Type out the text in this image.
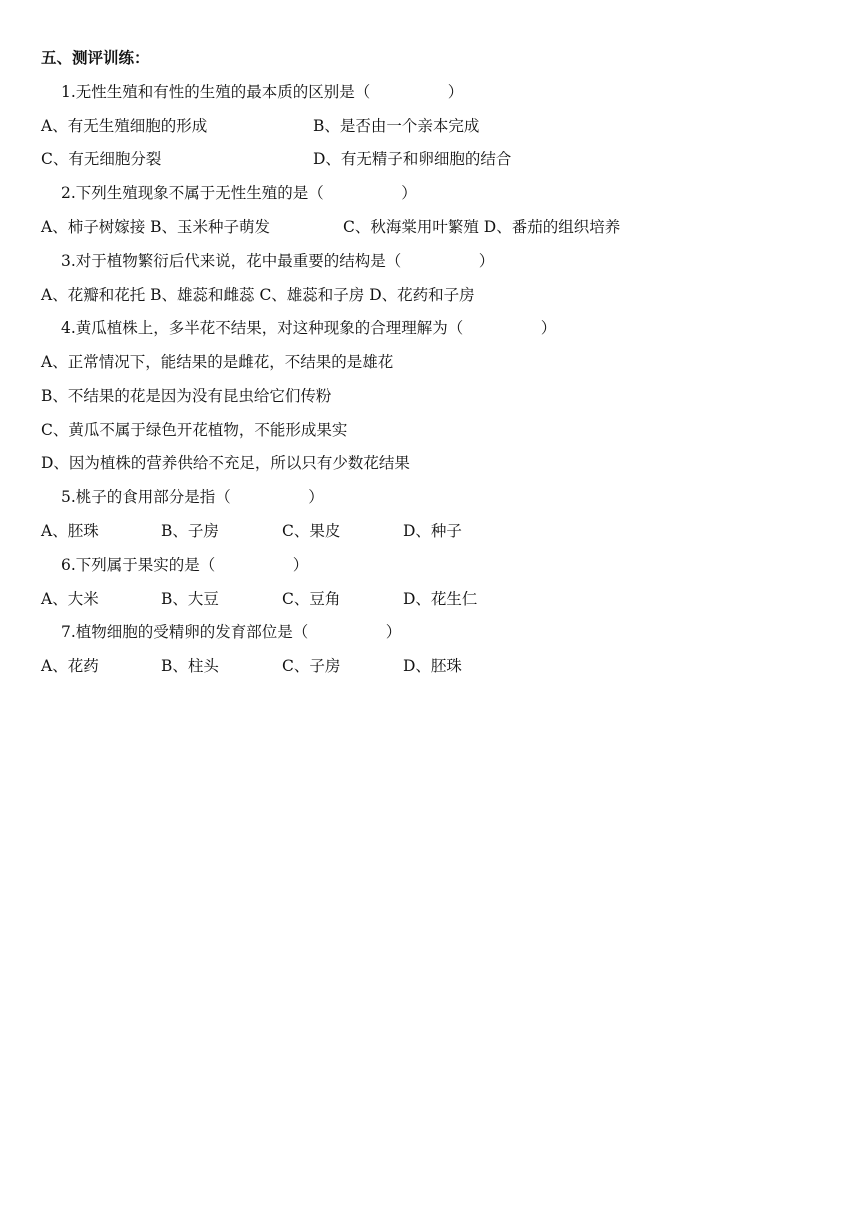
五、测评训练：
1.无性生殖和有性的生殖的最本质的区别是（　　　　　）
A、有无生殖细胞的形成	B、是否由一个亲本完成
C、有无细胞分裂	D、有无精子和卵细胞的结合
2.下列生殖现象不属于无性生殖的是（　　　　　）
A、柿子树嫁接 B、玉米种子萌发	C、秋海棠用叶繁殖 D、番茄的组织培养
3.对于植物繁衍后代来说，花中最重要的结构是（　　　　　）
A、花瓣和花托 B、雄蕊和雌蕊 C、雄蕊和子房 D、花药和子房
4.黄瓜植株上，多半花不结果，对这种现象的合理理解为（　　　　　）
A、正常情况下，能结果的是雌花，不结果的是雄花
B、不结果的花是因为没有昆虫给它们传粉
C、黄瓜不属于绿色开花植物，不能形成果实
D、因为植株的营养供给不充足，所以只有少数花结果
5.桃子的食用部分是指（　　　　　）
A、胚珠	B、子房	C、果皮	D、种子
6.下列属于果实的是（　　　　　）
A、大米	B、大豆	C、豆角	D、花生仁
7.植物细胞的受精卵的发育部位是（　　　　　）
A、花药	B、柱头	C、子房	D、胚珠
